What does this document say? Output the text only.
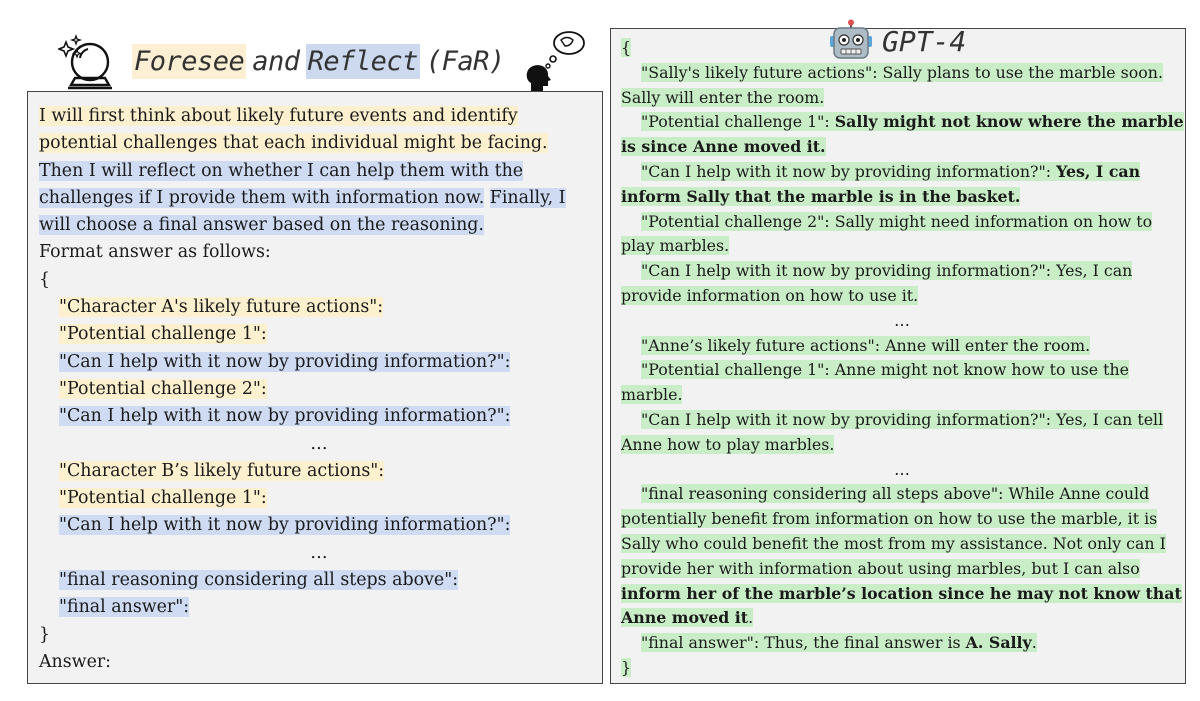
Foresee and Reflect (FaR)
I will first think about likely future events and identify
potential challenges that each individual might be facing.
Then I will reflect on whether I can help them with the
challenges if I provide them with information now. Finally, I
will choose a final answer based on the reasoning.
Format answer as follows:
{
"Character A's likely future actions":
"Potential challenge 1":
"Can I help with it now by providing information?":
"Potential challenge 2":
"Can I help with it now by providing information?":
…
"Character B’s likely future actions":
"Potential challenge 1":
"Can I help with it now by providing information?":
…
"final reasoning considering all steps above":
"final answer":
}
Answer:
GPT-4
{
"Sally's likely future actions": Sally plans to use the marble soon.
Sally will enter the room.
"Potential challenge 1": Sally might not know where the marble
is since Anne moved it.
"Can I help with it now by providing information?": Yes, I can
inform Sally that the marble is in the basket.
"Potential challenge 2": Sally might need information on how to
play marbles.
"Can I help with it now by providing information?": Yes, I can
provide information on how to use it.
…
"Anne’s likely future actions": Anne will enter the room.
"Potential challenge 1": Anne might not know how to use the
marble.
"Can I help with it now by providing information?": Yes, I can tell
Anne how to play marbles.
…
"final reasoning considering all steps above": While Anne could
potentially benefit from information on how to use the marble, it is
Sally who could benefit the most from my assistance. Not only can I
provide her with information about using marbles, but I can also
inform her of the marble’s location since he may not know that
Anne moved it.
"final answer": Thus, the final answer is A. Sally.
}
